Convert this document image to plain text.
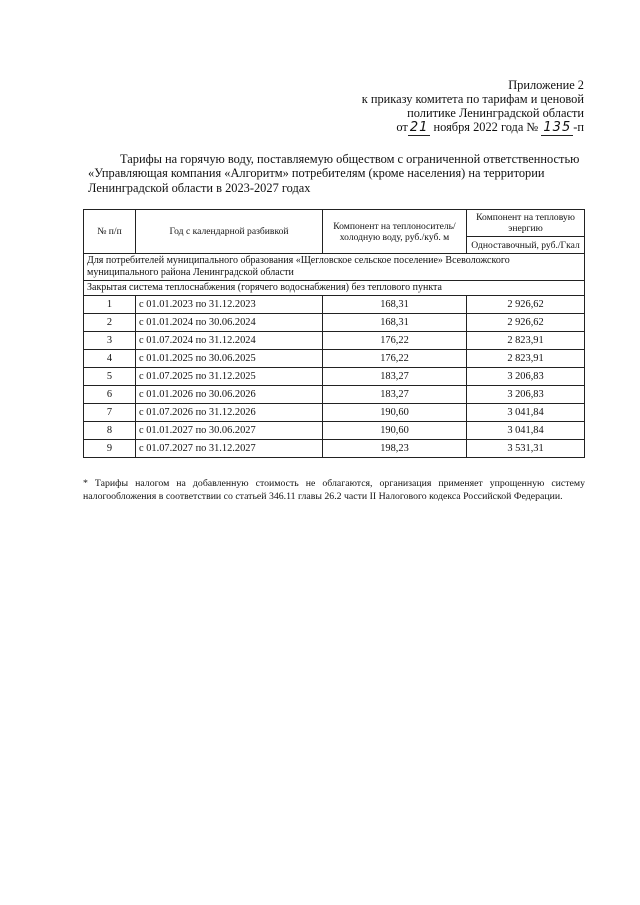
Приложение 2
к приказу комитета по тарифам и ценовой
политике Ленинградской области
от 21 ноября 2022 года № 135 -п
Тарифы на горячую воду, поставляемую обществом с ограниченной ответственностью
«Управляющая компания «Алгоритм» потребителям (кроме населения) на территории
Ленинградской области в 2023-2027 годах
№ п/п	Год с календарной разбивкой	Компонент на теплоноситель/ холодную воду, руб./куб. м	Компонент на тепловую энергию
			Одноставочный, руб./Гкал
Для потребителей муниципального образования «Щегловское сельское поселение» Всеволожского муниципального района Ленинградской области			
Закрытая система теплоснабжения (горячего водоснабжения) без теплового пункта			
1	с 01.01.2023 по 31.12.2023	168,31	2 926,62
2	с 01.01.2024 по 30.06.2024	168,31	2 926,62
3	с 01.07.2024 по 31.12.2024	176,22	2 823,91
4	с 01.01.2025 по 30.06.2025	176,22	2 823,91
5	с 01.07.2025 по 31.12.2025	183,27	3 206,83
6	с 01.01.2026 по 30.06.2026	183,27	3 206,83
7	с 01.07.2026 по 31.12.2026	190,60	3 041,84
8	с 01.01.2027 по 30.06.2027	190,60	3 041,84
9	с 01.07.2027 по 31.12.2027	198,23	3 531,31
* Тарифы налогом на добавленную стоимость не облагаются, организация применяет упрощенную систему налогообложения в соответствии со статьей 346.11 главы 26.2 части II Налогового кодекса Российской Федерации.
